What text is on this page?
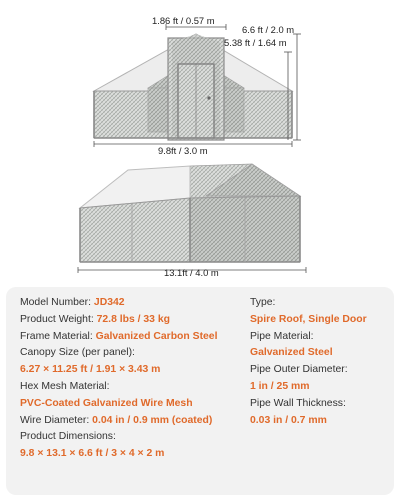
1.86 ft / 0.57 m
6.6 ft / 2.0 m
5.38 ft / 1.64 m
9.8ft / 3.0 m
13.1ft / 4.0 m
Model Number: JD342
Product Weight: 72.8 lbs / 33 kg
Frame Material: Galvanized Carbon Steel
Canopy Size (per panel):
6.27 × 11.25 ft / 1.91 × 3.43 m
Hex Mesh Material:
PVC-Coated Galvanized Wire Mesh
Wire Diameter: 0.04 in / 0.9 mm (coated)
Product Dimensions:
9.8 × 13.1 × 6.6 ft / 3 × 4 × 2 m
Type:
Spire Roof, Single Door
Pipe Material:
Galvanized Steel
Pipe Outer Diameter:
1 in / 25 mm
Pipe Wall Thickness:
0.03 in / 0.7 mm
